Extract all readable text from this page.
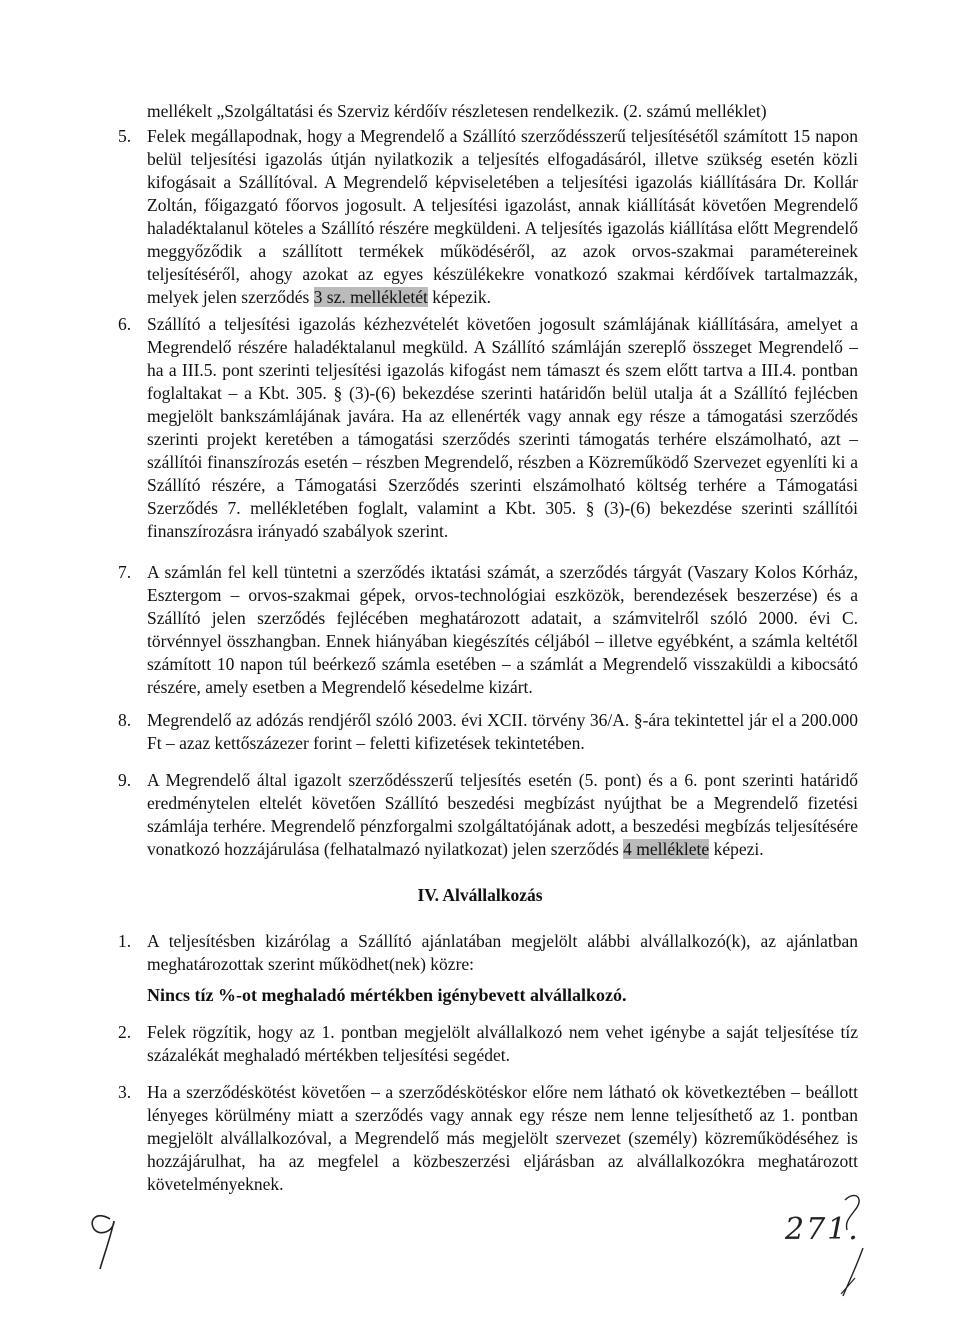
mellékelt „Szolgáltatási és Szerviz kérdőív részletesen rendelkezik. (2. számú melléklet)
5. Felek megállapodnak, hogy a Megrendelő a Szállító szerződésszerű teljesítésétől számított 15 napon belül teljesítési igazolás útján nyilatkozik a teljesítés elfogadásáról, illetve szükség esetén közli kifogásait a Szállítóval. A Megrendelő képviseletében a teljesítési igazolás kiállítására Dr. Kollár Zoltán, főigazgató főorvos jogosult. A teljesítési igazolást, annak kiállítását követően Megrendelő haladéktalanul köteles a Szállító részére megküldeni. A teljesítés igazolás kiállítása előtt Megrendelő meggyőződik a szállított termékek működéséről, az azok orvos-szakmai paramétereinek teljesítéséről, ahogy azokat az egyes készülékekre vonatkozó szakmai kérdőívek tartalmazzák, melyek jelen szerződés 3 sz. mellékletét képezik.
6. Szállító a teljesítési igazolás kézhezvételét követően jogosult számlájának kiállítására, amelyet a Megrendelő részére haladéktalanul megküld. A Szállító számláján szereplő összeget Megrendelő – ha a III.5. pont szerinti teljesítési igazolás kifogást nem támaszt és szem előtt tartva a III.4. pontban foglaltakat – a Kbt. 305. § (3)-(6) bekezdése szerinti határidőn belül utalja át a Szállító fejlécben megjelölt bankszámlájának javára. Ha az ellenérték vagy annak egy része a támogatási szerződés szerinti projekt keretében a támogatási szerződés szerinti támogatás terhére elszámolható, azt – szállítói finanszírozás esetén – részben Megrendelő, részben a Közreműködő Szervezet egyenlíti ki a Szállító részére, a Támogatási Szerződés szerinti elszámolható költség terhére a Támogatási Szerződés 7. mellékletében foglalt, valamint a Kbt. 305. § (3)-(6) bekezdése szerinti szállítói finanszírozásra irányadó szabályok szerint.
7. A számlán fel kell tüntetni a szerződés iktatási számát, a szerződés tárgyát (Vaszary Kolos Kórház, Esztergom – orvos-szakmai gépek, orvos-technológiai eszközök, berendezések beszerzése) és a Szállító jelen szerződés fejlécében meghatározott adatait, a számvitelről szóló 2000. évi C. törvénnyel összhangban. Ennek hiányában kiegészítés céljából – illetve egyébként, a számla keltétől számított 10 napon túl beérkező számla esetében – a számlát a Megrendelő visszaküldi a kibocsátó részére, amely esetben a Megrendelő késedelme kizárt.
8. Megrendelő az adózás rendjéről szóló 2003. évi XCII. törvény 36/A. §-ára tekintettel jár el a 200.000 Ft – azaz kettőszázezer forint – feletti kifizetések tekintetében.
9. A Megrendelő által igazolt szerződésszerű teljesítés esetén (5. pont) és a 6. pont szerinti határidő eredménytelen eltelét követően Szállító beszedési megbízást nyújthat be a Megrendelő fizetési számlája terhére. Megrendelő pénzforgalmi szolgáltatójának adott, a beszedési megbízás teljesítésére vonatkozó hozzájárulása (felhatalmazó nyilatkozat) jelen szerződés 4 melléklete képezi.
IV. Alvállalkozás
1. A teljesítésben kizárólag a Szállító ajánlatában megjelölt alábbi alvállalkozó(k), az ajánlatban meghatározottak szerint működhet(nek) közre:
Nincs tíz %-ot meghaladó mértékben igénybevett alvállalkozó.
2. Felek rögzítik, hogy az 1. pontban megjelölt alvállalkozó nem vehet igénybe a saját teljesítése tíz százalékát meghaladó mértékben teljesítési segédet.
3. Ha a szerződéskötést követően – a szerződéskötéskor előre nem látható ok következtében – beállott lényeges körülmény miatt a szerződés vagy annak egy része nem lenne teljesíthető az 1. pontban megjelölt alvállalkozóval, a Megrendelő más megjelölt szervezet (személy) közreműködéséhez is hozzájárulhat, ha az megfelel a közbeszerzési eljárásban az alvállalkozókra meghatározott követelményeknek.
271.
